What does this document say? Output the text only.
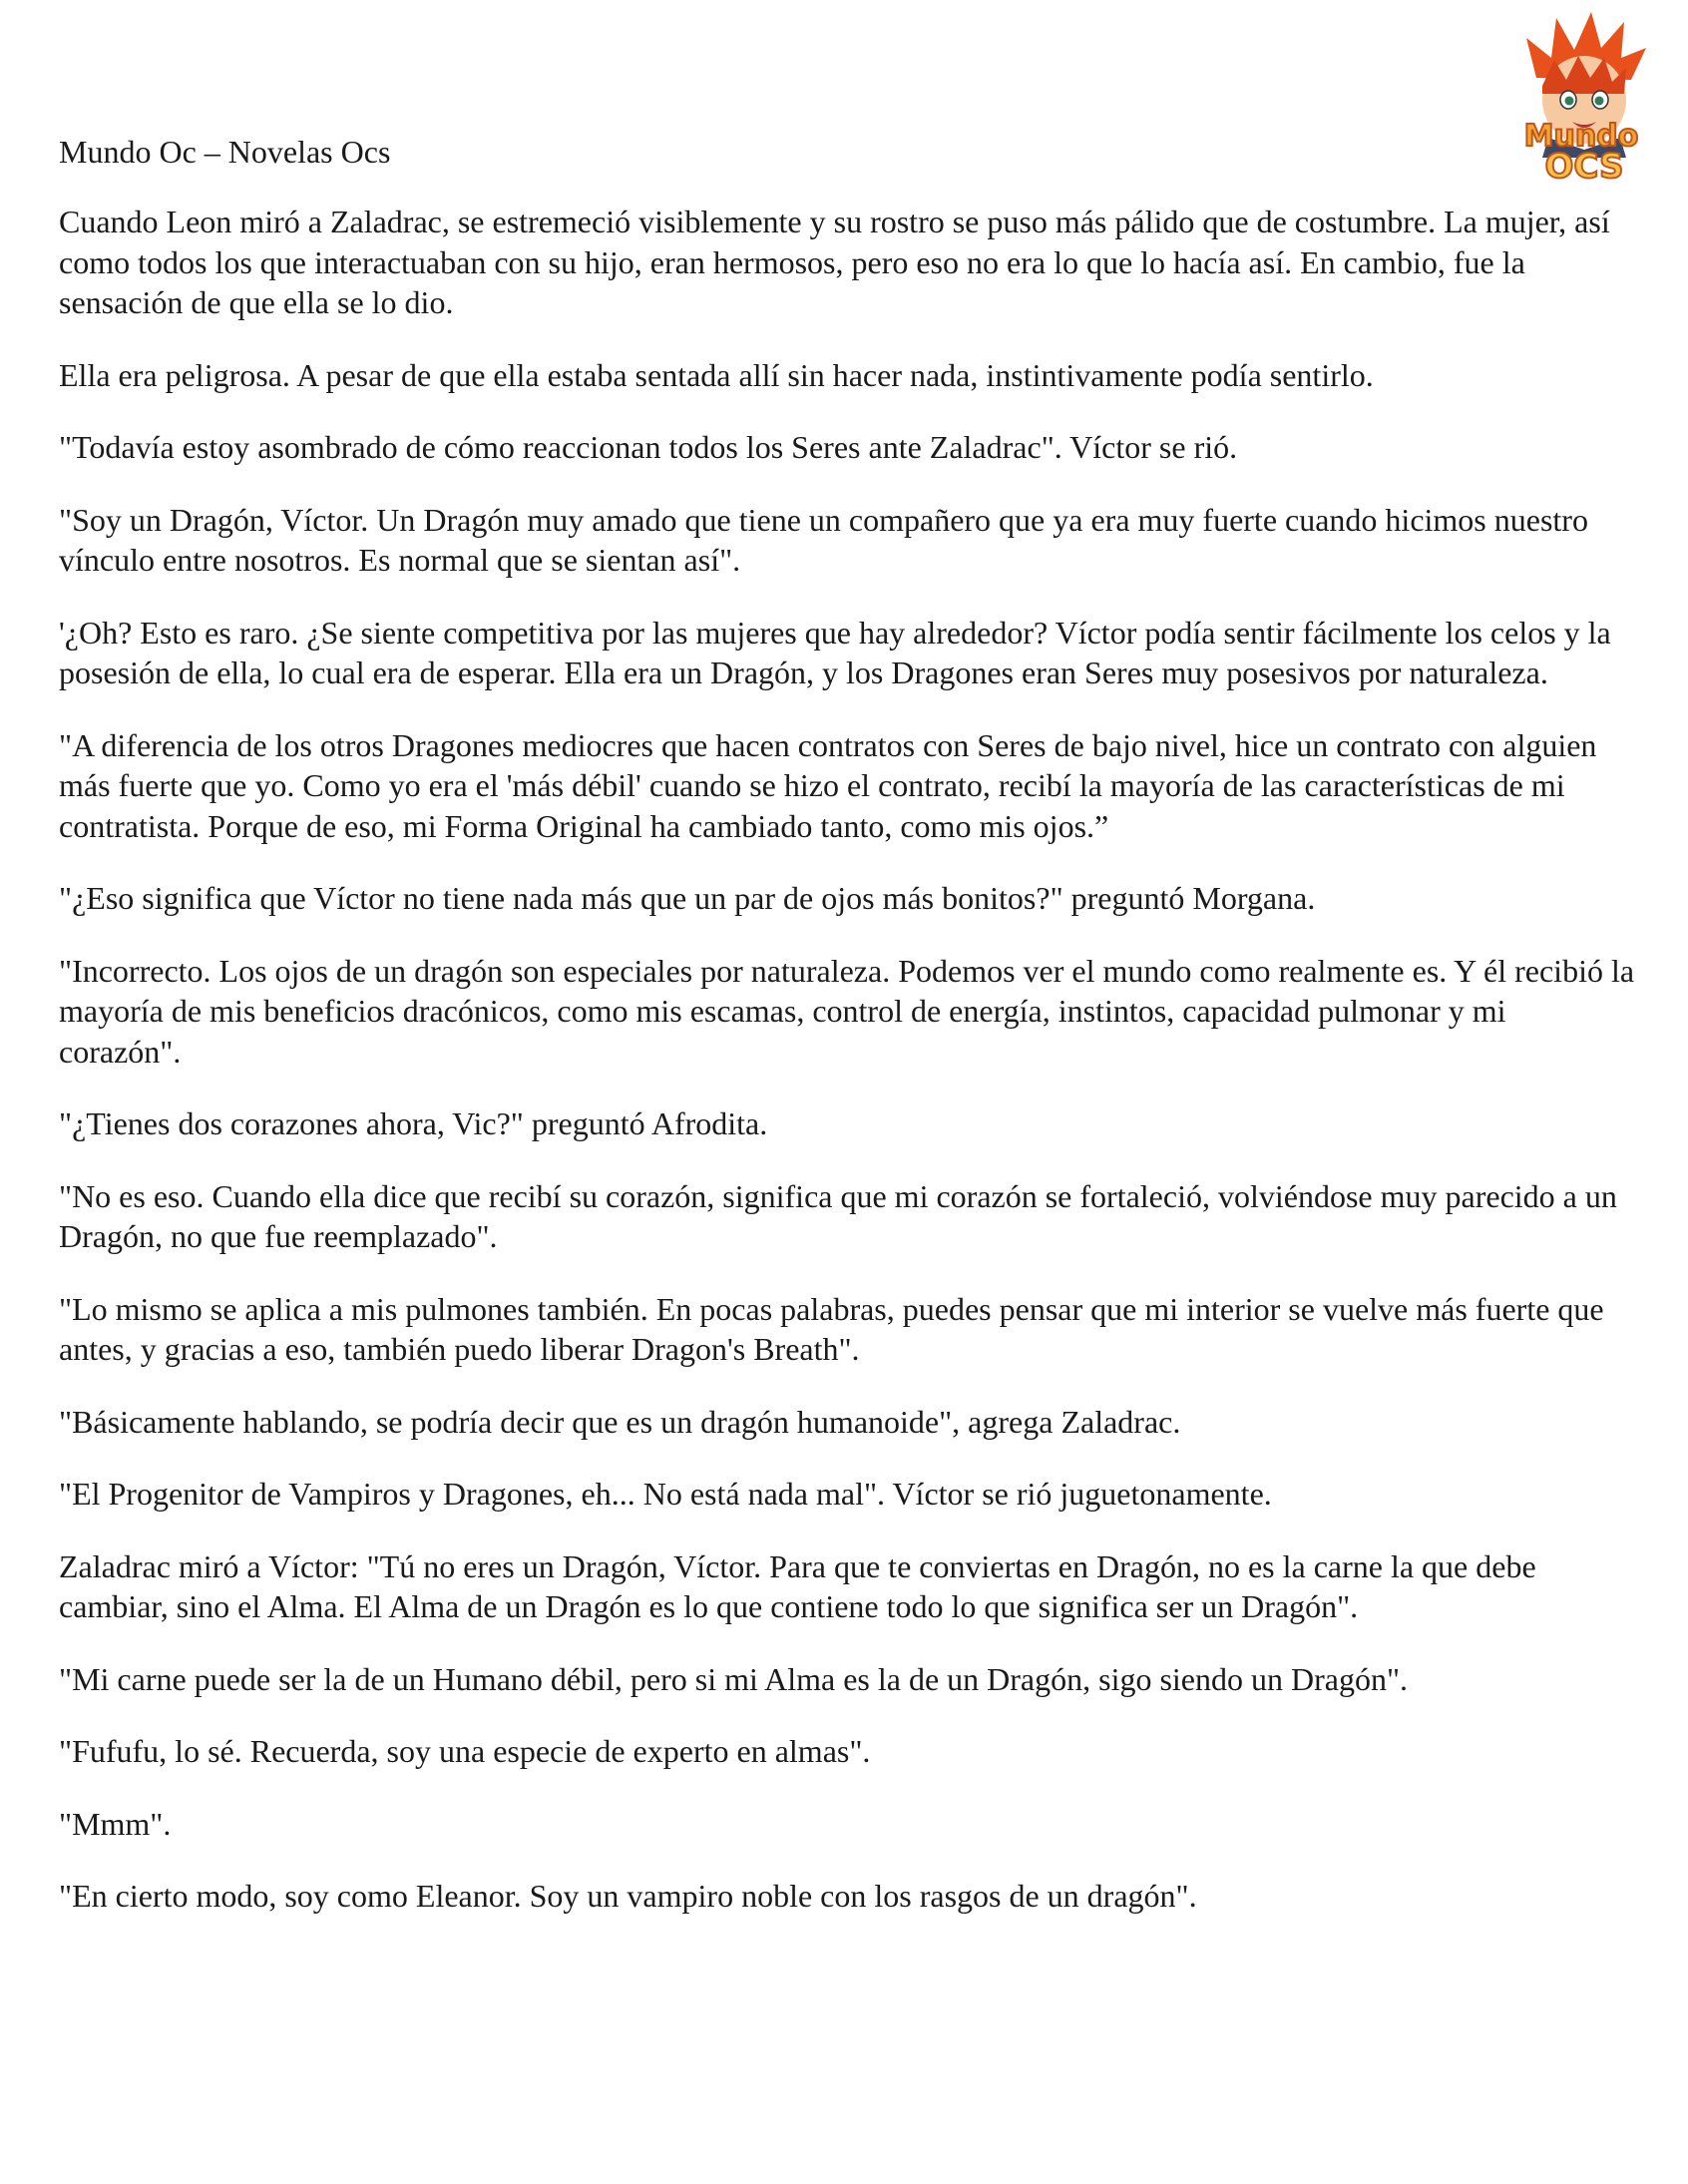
Mundo
OCS
Mundo Oc – Novelas Ocs

Cuando Leon miró a Zaladrac, se estremeció visiblemente y su rostro se puso más pálido que de costumbre. La mujer, así como todos los que interactuaban con su hijo, eran hermosos, pero eso no era lo que lo hacía así. En cambio, fue la sensación de que ella se lo dio.

Ella era peligrosa. A pesar de que ella estaba sentada allí sin hacer nada, instintivamente podía sentirlo.

"Todavía estoy asombrado de cómo reaccionan todos los Seres ante Zaladrac". Víctor se rió.

"Soy un Dragón, Víctor. Un Dragón muy amado que tiene un compañero que ya era muy fuerte cuando hicimos nuestro vínculo entre nosotros. Es normal que se sientan así".

'¿Oh? Esto es raro. ¿Se siente competitiva por las mujeres que hay alrededor? Víctor podía sentir fácilmente los celos y la posesión de ella, lo cual era de esperar. Ella era un Dragón, y los Dragones eran Seres muy posesivos por naturaleza.

"A diferencia de los otros Dragones mediocres que hacen contratos con Seres de bajo nivel, hice un contrato con alguien más fuerte que yo. Como yo era el 'más débil' cuando se hizo el contrato, recibí la mayoría de las características de mi contratista. Porque de eso, mi Forma Original ha cambiado tanto, como mis ojos.”

"¿Eso significa que Víctor no tiene nada más que un par de ojos más bonitos?" preguntó Morgana.

"Incorrecto. Los ojos de un dragón son especiales por naturaleza. Podemos ver el mundo como realmente es. Y él recibió la mayoría de mis beneficios dracónicos, como mis escamas, control de energía, instintos, capacidad pulmonar y mi corazón".

"¿Tienes dos corazones ahora, Vic?" preguntó Afrodita.

"No es eso. Cuando ella dice que recibí su corazón, significa que mi corazón se fortaleció, volviéndose muy parecido a un Dragón, no que fue reemplazado".

"Lo mismo se aplica a mis pulmones también. En pocas palabras, puedes pensar que mi interior se vuelve más fuerte que antes, y gracias a eso, también puedo liberar Dragon's Breath".

"Básicamente hablando, se podría decir que es un dragón humanoide", agrega Zaladrac.

"El Progenitor de Vampiros y Dragones, eh... No está nada mal". Víctor se rió juguetonamente.

Zaladrac miró a Víctor: "Tú no eres un Dragón, Víctor. Para que te conviertas en Dragón, no es la carne la que debe cambiar, sino el Alma. El Alma de un Dragón es lo que contiene todo lo que significa ser un Dragón".

"Mi carne puede ser la de un Humano débil, pero si mi Alma es la de un Dragón, sigo siendo un Dragón".

"Fufufu, lo sé. Recuerda, soy una especie de experto en almas".

"Mmm".

"En cierto modo, soy como Eleanor. Soy un vampiro noble con los rasgos de un dragón".
